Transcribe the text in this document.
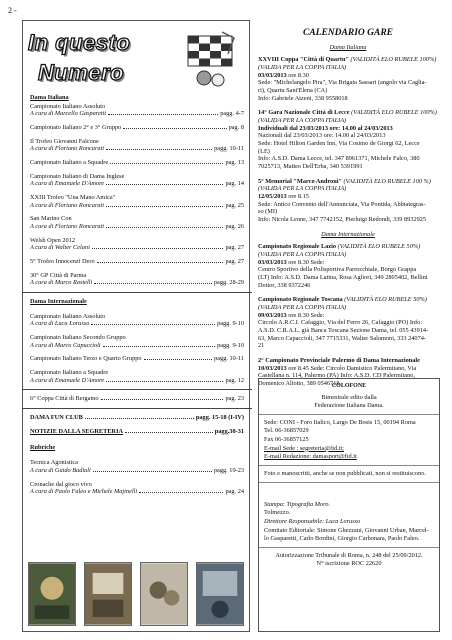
2 -
In questo
Numero
Dama Italiana
Campionato Italiano Assoluto
A cura di Marcello Gasparetti	pagg. 4-7
Campionato Italiano 2° e 3° Gruppo	pag. 8
Il Trofeo Giovanni Falcone
A cura di Floriano Roncarati	pagg. 10-11
Campionato Italiano a Squadre	pag. 13
Campionato Italiano di Dama Inglese
A cura di Emanuele D'Amore	pag. 14
XXIII Trofeo "Una Mano Amica"
A cura di Floriano Roncarati	pag. 25
San Marino Con
A cura di Floriano Roncarati	pag. 26
Welsh Open 2012
A cura di Walter Celani	pag. 27
5° Trofeo Innocenzi Dero	pag. 27
30° GP Città di Parma
A cura di Marco Rastelli	pagg. 28-29
Dama Internazionale
Campionato Italiano Assoluto
A cura di Luca Lorusso	pagg. 9-10
Campionato Italiano Secondo Gruppo
A cura di Marco Capuccioli	pagg. 9-10
Campionato Italiano Terzo e Quarto Gruppo	pagg. 10-11
Campionato Italiano a Squadre
A cura di Emanuele D'Amore	pag. 12
6° Coppa Città di Bergamo	pag. 23
DAMA FUN CLUB	pagg. 15-18 (I-IV)
NOTIZIE DALLA SEGRETERIA	pagg.30-31
Rubriche
Tecnica Agonistica
A cura di Guido Badiali	pagg. 19-23
Cronache dal gioco vivo
A cura di Paolo Faleo e Michele Majinelli	pag. 24
CALENDARIO GARE
Dama Italiana
XXVIII Coppa "Città di Quartu" (VALIDITÀ ELO RUBELE 100%) (VALIDA PER LA COPPA ITALIA)
03/03/2013 ore 8.30
Sede: "Michelangelo Pira", Via Brigata Sassari (angolo via Caglia-
ri), Quartu Sant'Elena (CA)
Info: Gabriele Atzeni, 338 9558018
14° Gara Nazionale Città di Lecce (VALIDITÀ ELO RUBELE 100%) (VALIDA PER LA COPPA ITALIA)
Individuali dal 23/03/2013 ore: 14.00 al 24/03/2013
Nazionali dal 23/03/2013 ore: 14.00 al 24/03/2013
Sede: Hotel Hilton Garden Inn, Via Cosimo de Giorgi 62, Lecce
(LE)
Info: A.S.D. Dama Lecce, tel. 347 8961371, Michele Falco, 380
7025713, Matteo Dell'Erba, 340 5391991
5° Memorial "Marco Androni" (VALIDITÀ ELO RUBELE 100 %) (VALIDA PER LA COPPA ITALIA)
12/05/2013 ore 8.15
Sede: Antico Convento dell'Annunciata, Via Pontida, Abbiategras-
so (MI)
Info: Nicola Leone, 347 7742152, Pierluigi Redondi, 339 8932925
Dama Internazionale
Campionato Regionale Lazio (VALIDITÀ ELO RUBELE 50%) (VALIDA PER LA COPPA ITALIA)
03/03/2013 ore 8.30 Sede:
Centro Sportivo della Polisportiva Parrocchiale, Borgo Grappa
(LT) Info: A.S.D. Dama Latina, Rosa Agliori, 349 2805402, Bellini
Dottor, 338 9372246
Campionato Regionale Toscana (VALIDITÀ ELO RUBELE 50%) (VALIDA PER LA COPPA ITALIA)
09/03/2013 ore 8.30 Sede:
Circolo A.R.C.I. Cafaggio, Via del Ferro 26, Cafaggio (PO) Info:
A.S.D. C.R.A.L. già Banca Toscana Sezione Dama, tel. 055 43914-
63, Marco Capaccioli, 347 7715331, Walter Salomoni, 333 24074-
21
2° Campionato Provinciale Palermo di Dama Internazionale
10/03/2013 ore 8.45 Sede: Circolo Damistico Palermitano, Via
Castellana n. 114, Palermo (PA) Info: A.S.D. CD Palermitano,
Domenico Aliotto, 389 0546718
COLOFONE
Bimestrale edito dalla
Federazione Italiana Dama.
Sede: CONI - Foro Italico, Largo De Bosis 15, 00194 Roma
Tel. 06-36857029
Fax 06-36857125
E-mail Sede : segreteria@fid.it;
E-mail Redazione: damasport@fid.it
Foto e manoscritti, anche se non pubblicati, non si restituiscono.
Stampa: Tipografia Moro.
Tolmezzo.
Direttore Responsabile: Luca Lorusso
Comitato Editoriale: Simone Ghezzani, Giovanni Urban, Marcel-
lo Gasparetti, Carlo Bordini, Giorgio Carbonara, Paolo Faleo.
Autorizzazione Tribunale di Roma, n. 248 del 25/09/2012.
N° iscrizione ROC 22620
